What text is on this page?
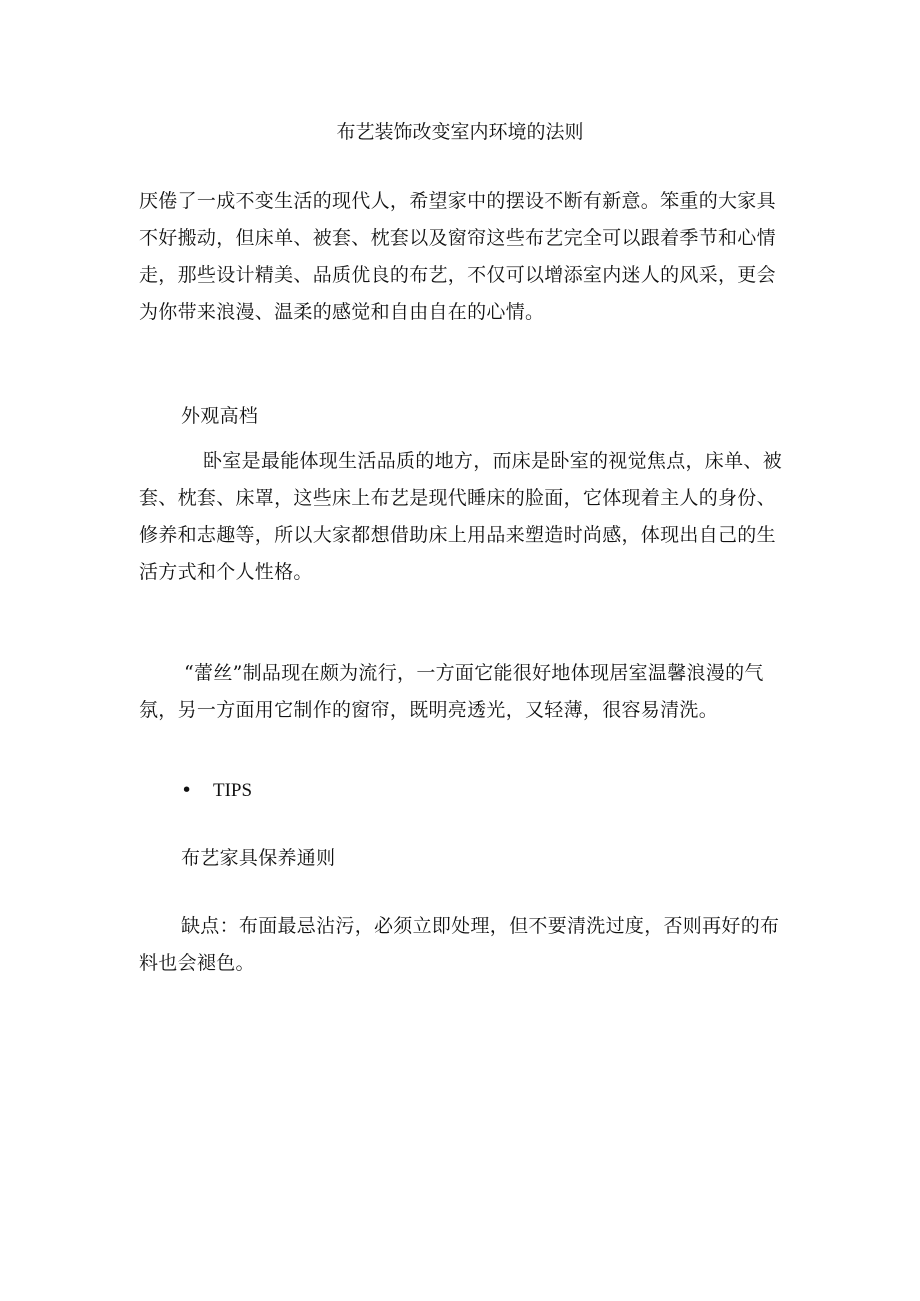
布艺装饰改变室内环境的法则
厌倦了一成不变生活的现代人，希望家中的摆设不断有新意。笨重的大家具不好搬动，但床单、被套、枕套以及窗帘这些布艺完全可以跟着季节和心情走，那些设计精美、品质优良的布艺，不仅可以增添室内迷人的风采，更会为你带来浪漫、温柔的感觉和自由自在的心情。
外观高档
卧室是最能体现生活品质的地方，而床是卧室的视觉焦点，床单、被套、枕套、床罩，这些床上布艺是现代睡床的脸面，它体现着主人的身份、修养和志趣等，所以大家都想借助床上用品来塑造时尚感，体现出自己的生活方式和个人性格。
“蕾丝”制品现在颇为流行，一方面它能很好地体现居室温馨浪漫的气氛，另一方面用它制作的窗帘，既明亮透光，又轻薄，很容易清洗。
• TIPS
布艺家具保养通则
缺点：布面最忌沾污，必须立即处理，但不要清洗过度，否则再好的布料也会褪色。
